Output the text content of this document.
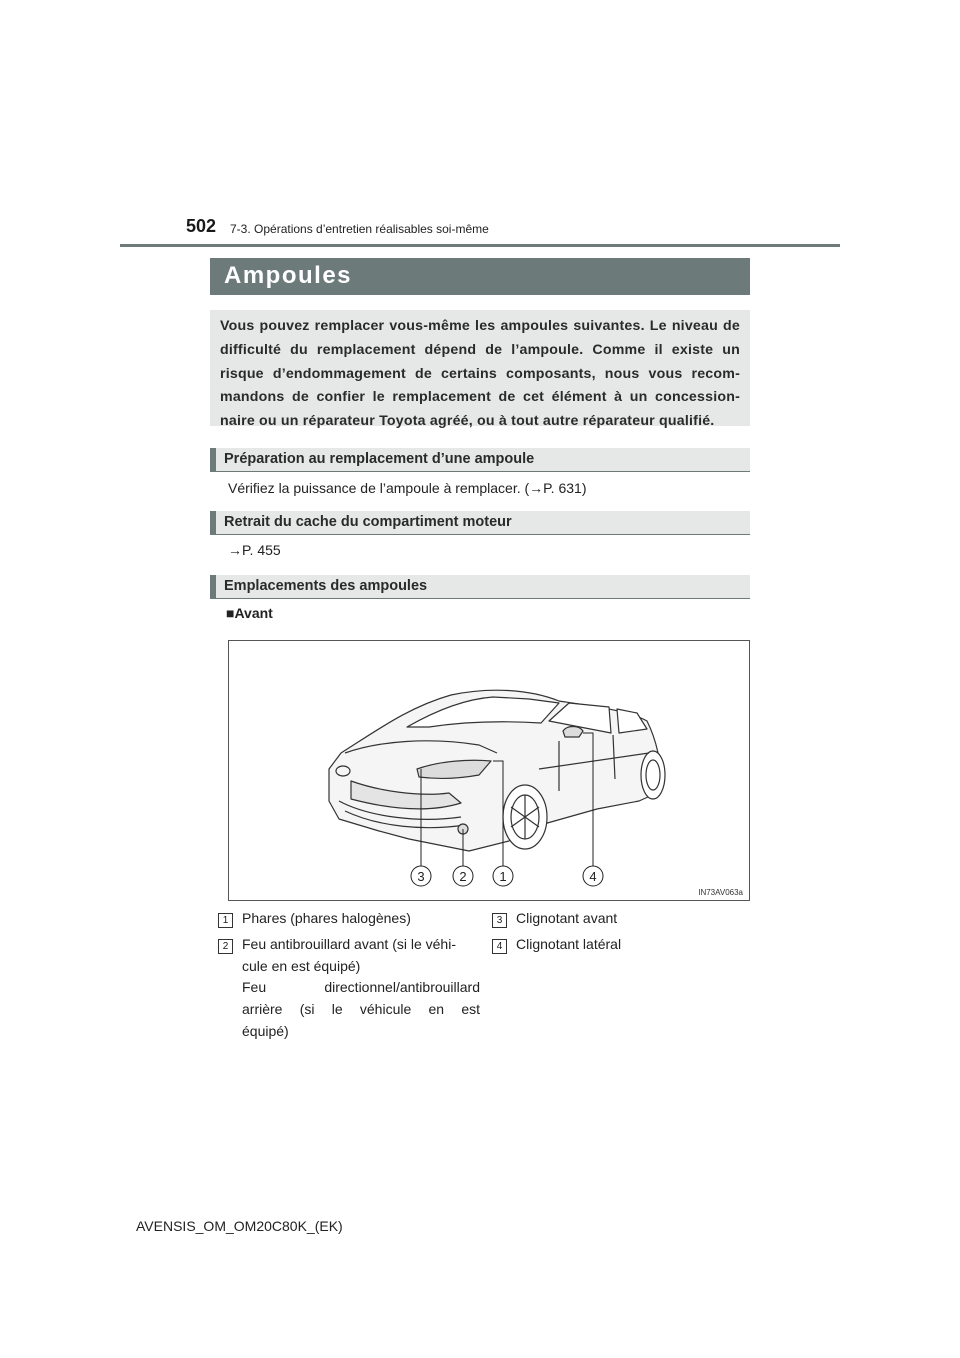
502 7-3. Opérations d’entretien réalisables soi-même
Ampoules
Vous pouvez remplacer vous-même les ampoules suivantes. Le niveau de difficulté du remplacement dépend de l’ampoule. Comme il existe un risque d’endommagement de certains composants, nous vous recom-mandons de confier le remplacement de cet élément à un concession-naire ou un réparateur Toyota agréé, ou à tout autre réparateur qualifié.
Préparation au remplacement d’une ampoule
Vérifiez la puissance de l’ampoule à remplacer. (→P. 631)
Retrait du cache du compartiment moteur
→P. 455
Emplacements des ampoules
■Avant
3	2	1	4
IN73AV063a
1 Phares (phares halogènes)
2 Feu antibrouillard avant (si le véhi-
cule en est équipé)
Feu directionnel/antibrouillard
arrière (si le véhicule en est
équipé)
3 Clignotant avant
4 Clignotant latéral
AVENSIS_OM_OM20C80K_(EK)
